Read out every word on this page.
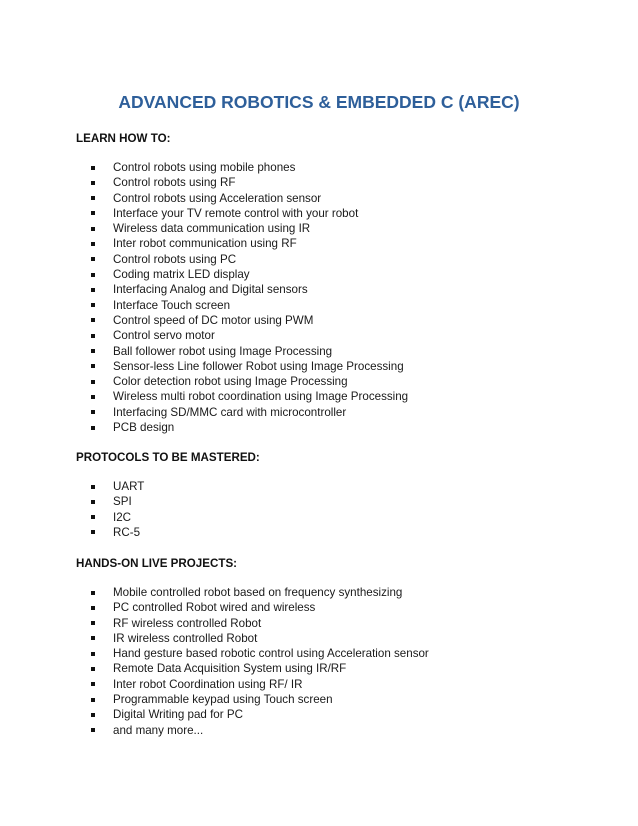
ADVANCED ROBOTICS & EMBEDDED C (AREC)
LEARN HOW TO:
Control robots using mobile phones
Control robots using RF
Control robots using Acceleration sensor
Interface your TV remote control with your robot
Wireless data communication using IR
Inter robot communication using RF
Control robots using PC
Coding matrix LED display
Interfacing Analog and Digital sensors
Interface Touch screen
Control speed of DC motor using PWM
Control servo motor
Ball follower robot using Image Processing
Sensor-less Line follower Robot using Image Processing
Color detection robot using Image Processing
Wireless multi robot coordination using Image Processing
Interfacing SD/MMC card with microcontroller
PCB design
PROTOCOLS TO BE MASTERED:
UART
SPI
I2C
RC-5
HANDS-ON LIVE PROJECTS:
Mobile controlled robot based on frequency synthesizing
PC controlled Robot wired and wireless
RF wireless controlled Robot
IR wireless controlled Robot
Hand gesture based robotic control using Acceleration sensor
Remote Data Acquisition System using IR/RF
Inter robot Coordination using RF/ IR
Programmable keypad using Touch screen
Digital Writing pad for PC
and many more...
